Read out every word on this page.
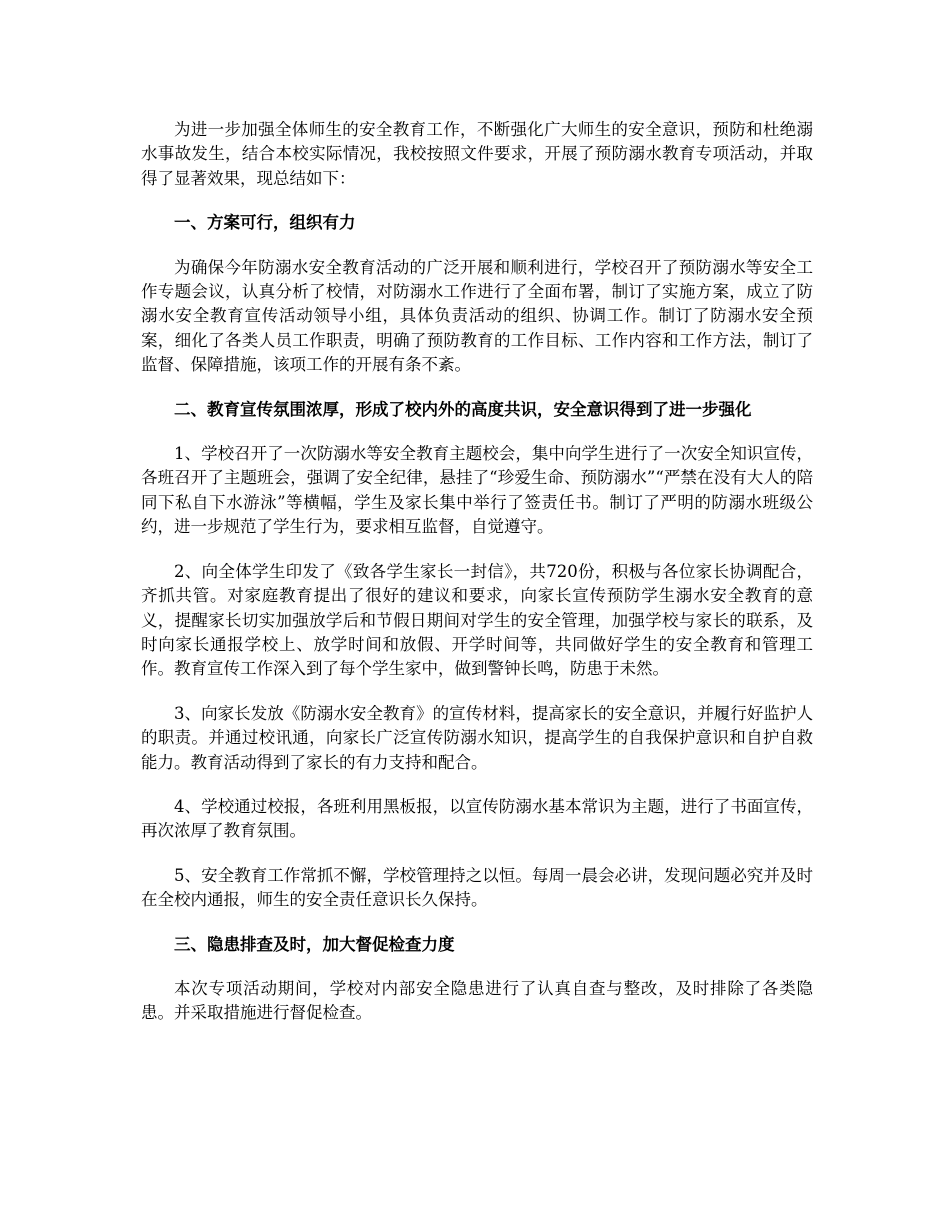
为进一步加强全体师生的安全教育工作，不断强化广大师生的安全意识，预防和杜绝溺水事故发生，结合本校实际情况，我校按照文件要求，开展了预防溺水教育专项活动，并取得了显著效果，现总结如下：

一、方案可行，组织有力

为确保今年防溺水安全教育活动的广泛开展和顺利进行，学校召开了预防溺水等安全工作专题会议，认真分析了校情，对防溺水工作进行了全面布署，制订了实施方案，成立了防溺水安全教育宣传活动领导小组，具体负责活动的组织、协调工作。制订了防溺水安全预案，细化了各类人员工作职责，明确了预防教育的工作目标、工作内容和工作方法，制订了监督、保障措施，该项工作的开展有条不紊。

二、教育宣传氛围浓厚，形成了校内外的高度共识，安全意识得到了进一步强化

1、学校召开了一次防溺水等安全教育主题校会，集中向学生进行了一次安全知识宣传，各班召开了主题班会，强调了安全纪律，悬挂了“珍爱生命、预防溺水”“严禁在没有大人的陪同下私自下水游泳”等横幅，学生及家长集中举行了签责任书。制订了严明的防溺水班级公约，进一步规范了学生行为，要求相互监督，自觉遵守。

2、向全体学生印发了《致各学生家长一封信》，共720份，积极与各位家长协调配合，齐抓共管。对家庭教育提出了很好的建议和要求，向家长宣传预防学生溺水安全教育的意义，提醒家长切实加强放学后和节假日期间对学生的安全管理，加强学校与家长的联系，及时向家长通报学校上、放学时间和放假、开学时间等，共同做好学生的安全教育和管理工作。教育宣传工作深入到了每个学生家中，做到警钟长鸣，防患于未然。

3、向家长发放《防溺水安全教育》的宣传材料，提高家长的安全意识，并履行好监护人的职责。并通过校讯通，向家长广泛宣传防溺水知识，提高学生的自我保护意识和自护自救能力。教育活动得到了家长的有力支持和配合。

4、学校通过校报，各班利用黑板报，以宣传防溺水基本常识为主题，进行了书面宣传，再次浓厚了教育氛围。

5、安全教育工作常抓不懈，学校管理持之以恒。每周一晨会必讲，发现问题必究并及时在全校内通报，师生的安全责任意识长久保持。

三、隐患排查及时，加大督促检查力度

本次专项活动期间，学校对内部安全隐患进行了认真自查与整改，及时排除了各类隐患。并采取措施进行督促检查。
